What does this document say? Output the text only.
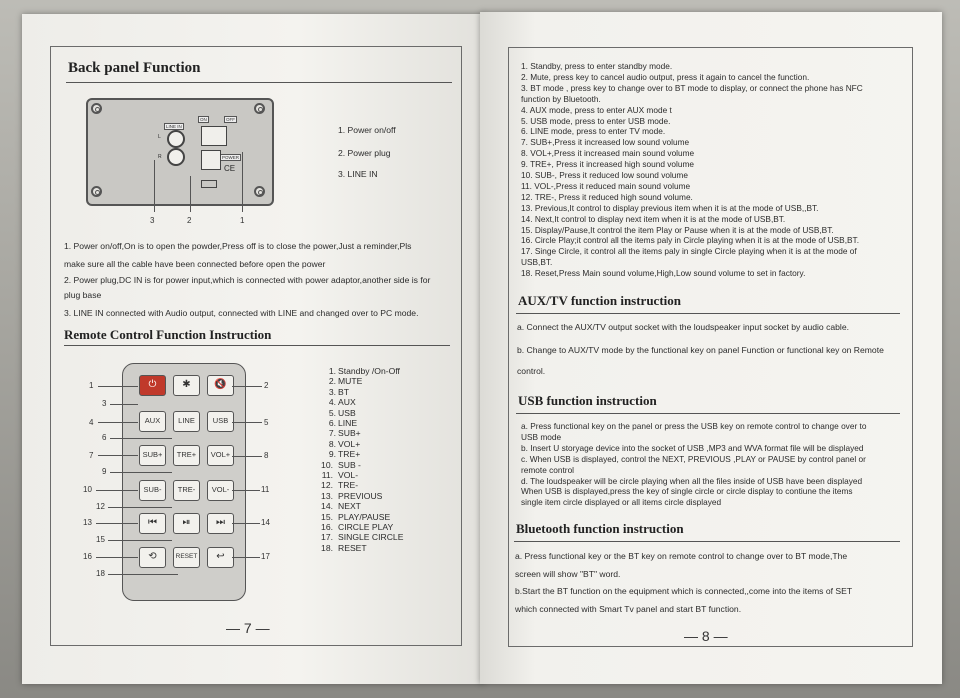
Back panel Function
LINE IN
L
R
ON	OFF
POWER
CE
3	2	1
1. Power on/off
2. Power plug
3. LINE IN
1. Power on/off,On is to open the powder,Press off is to close the power,Just a reminder,Pls
make sure all the cable have been connected before open the power
2. Power plug,DC IN is for power input,which is connected with power adaptor,another side is for
plug base
3. LINE IN connected with Audio output, connected with LINE and changed over to PC mode.
Remote Control Function Instruction
⏻	✱	🔇
AUX	LINE	USB
SUB+	TRE+	VOL+
SUB-	TRE-	VOL-
⏮	⏯	⏭
⟲	RESET	↩
1
3
4
6
7
9
10
12
13
15
16
18
2
5
8
11
14
17
1. Standby /On-Off
2. MUTE
3. BT
4. AUX
5. USB
6. LINE
7. SUB+
8. VOL+
9. TRE+
10. SUB -
11. VOL-
12. TRE-
13. PREVIOUS
14. NEXT
15. PLAY/PAUSE
16. CIRCLE PLAY
17. SINGLE CIRCLE
18. RESET
— 7 —
1. Standby, press to enter standby mode.
2. Mute, press key to cancel audio output, press it again to cancel the function.
3. BT mode , press key to change over to BT mode to display, or connect the phone has NFC
function by Bluetooth.
4. AUX mode, press to enter AUX mode t
5. USB mode, press to enter USB mode.
6. LINE mode, press to enter TV mode.
7. SUB+,Press it increased low sound volume
8. VOL+,Press it increased main sound volume
9. TRE+, Press it increased high sound volume
10. SUB-, Press it reduced low sound volume
11. VOL-,Press it reduced main sound volume
12. TRE-, Press it reduced high sound volume.
13. Previous,It control to display previous item when it is at the mode of USB,,BT.
14. Next,It control to display next item when it is at the mode of USB,BT.
15. Display/Pause,It control the item Play or Pause when it is at the mode of USB,BT.
16. Circle Play;it control all the items paly in Circle playing when it is at the mode of USB,BT.
17. Singe Circle, it control all the items paly in single Circle playing when it is at the mode of
USB,BT.
18. Reset,Press Main sound volume,High,Low sound volume to set in factory.
AUX/TV function instruction
a. Connect the AUX/TV output socket with the loudspeaker input socket by audio cable.
b. Change to AUX/TV mode by the functional key on panel Function or functional key on Remote
control.
USB function instruction
a. Press functional key on the panel or press the USB key on remote control to change over to
USB mode
b. Insert U storyage device into the socket of USB ,MP3 and WVA format file will be displayed
c. When USB is displayed, control the NEXT, PREVIOUS ,PLAY or PAUSE by control panel or
remote control
d. The loudspeaker will be circle playing when all the files inside of USB have been displayed
When USB is displayed,press the key of single circle or circle display to contiune the items
single item circle displayed or all items circle displayed
Bluetooth function instruction
a. Press functional key or the BT key on remote control to change over to BT mode,The
screen will show "BT" word.
b.Start the BT function on the equipment which is connected,,come into the items of SET
which connected with Smart Tv panel and start BT function.
— 8 —
